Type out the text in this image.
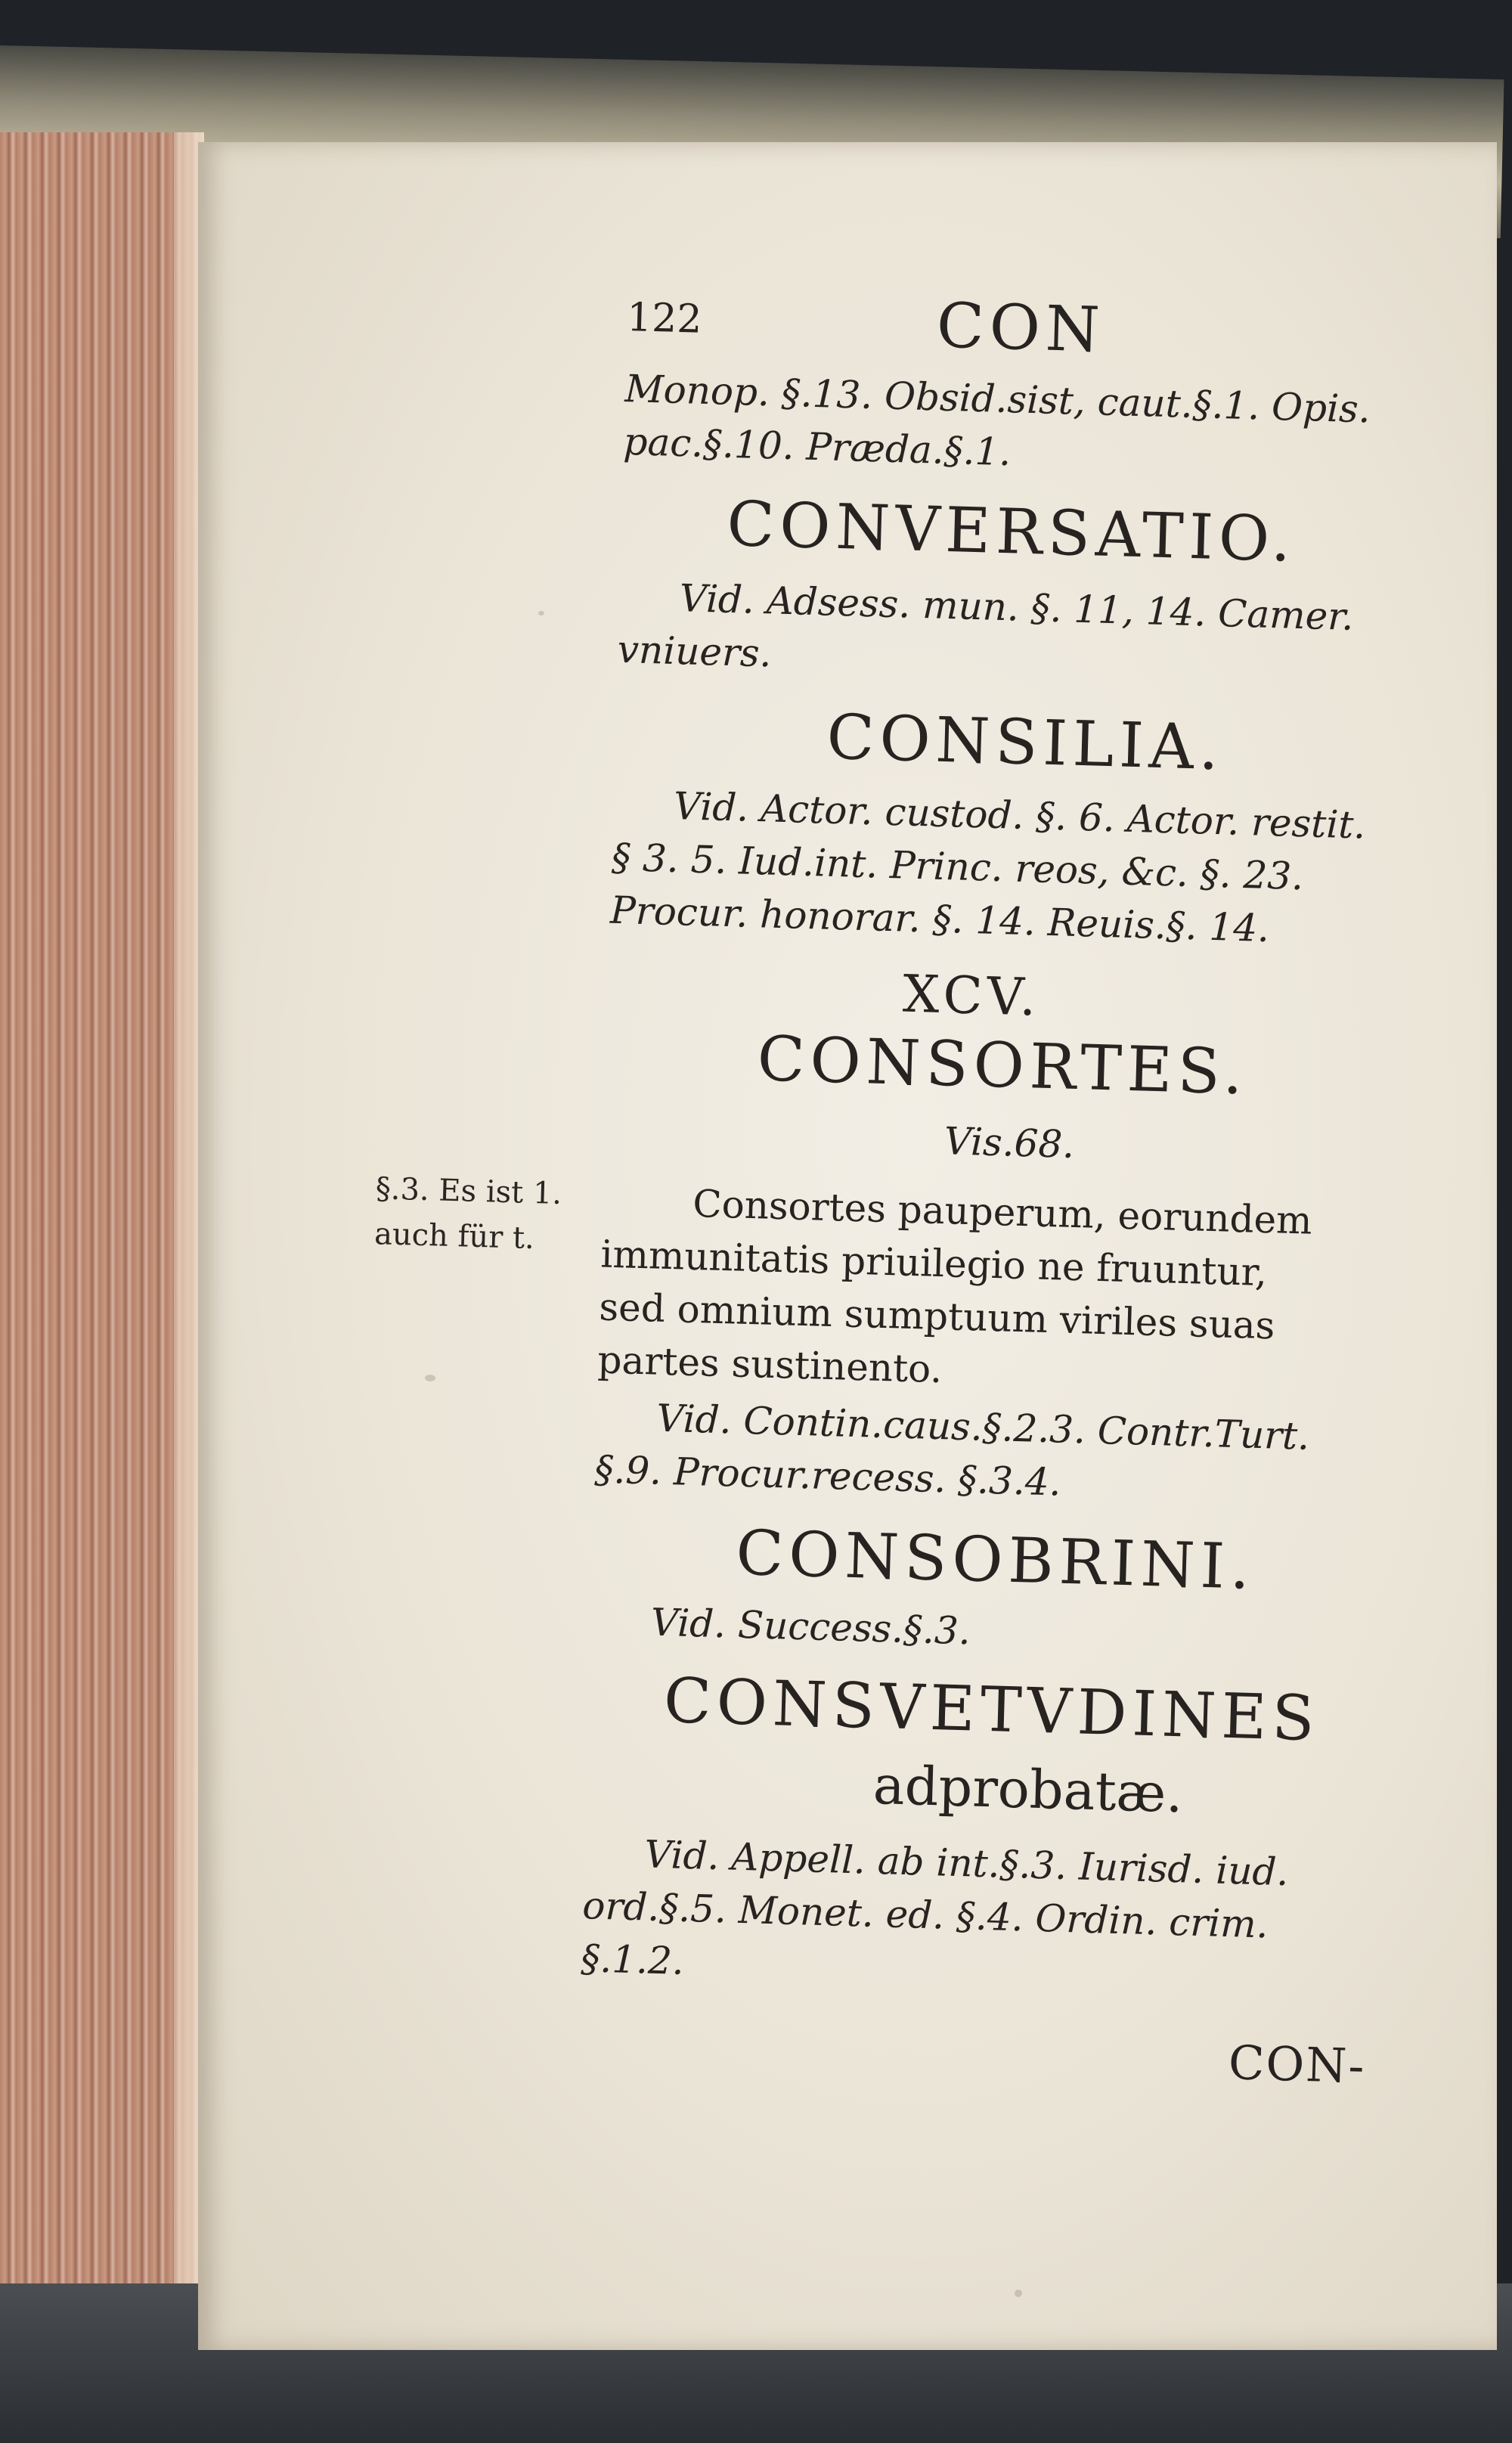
122	CON
Monop. §.13. Obsid.sist, caut.§.1. Opis.
pac.§.10. Præda.§.1.
CONVERSATIO.
Vid. Adsess. mun. §. 11, 14. Camer.
vniuers.
CONSILIA.
Vid. Actor. custod. §. 6. Actor. restit.
§ 3. 5. Iud.int. Princ. reos, &c. §. 23.
Procur. honorar. §. 14. Reuis.§. 14.
XCV.
CONSORTES.
Vis.68.
§.3. Es ist 1.
auch für t.	Consortes pauperum, eorundem
immunitatis priuilegio ne fruuntur,
sed omnium sumptuum viriles suas
partes sustinento.
Vid. Contin.caus.§.2.3. Contr.Turt.
§.9. Procur.recess. §.3.4.
CONSOBRINI.
Vid. Success.§.3.
CONSVETVDINES
adprobatæ.
Vid. Appell. ab int.§.3. Iurisd. iud.
ord.§.5. Monet. ed. §.4. Ordin. crim.
§.1.2.
CON-
